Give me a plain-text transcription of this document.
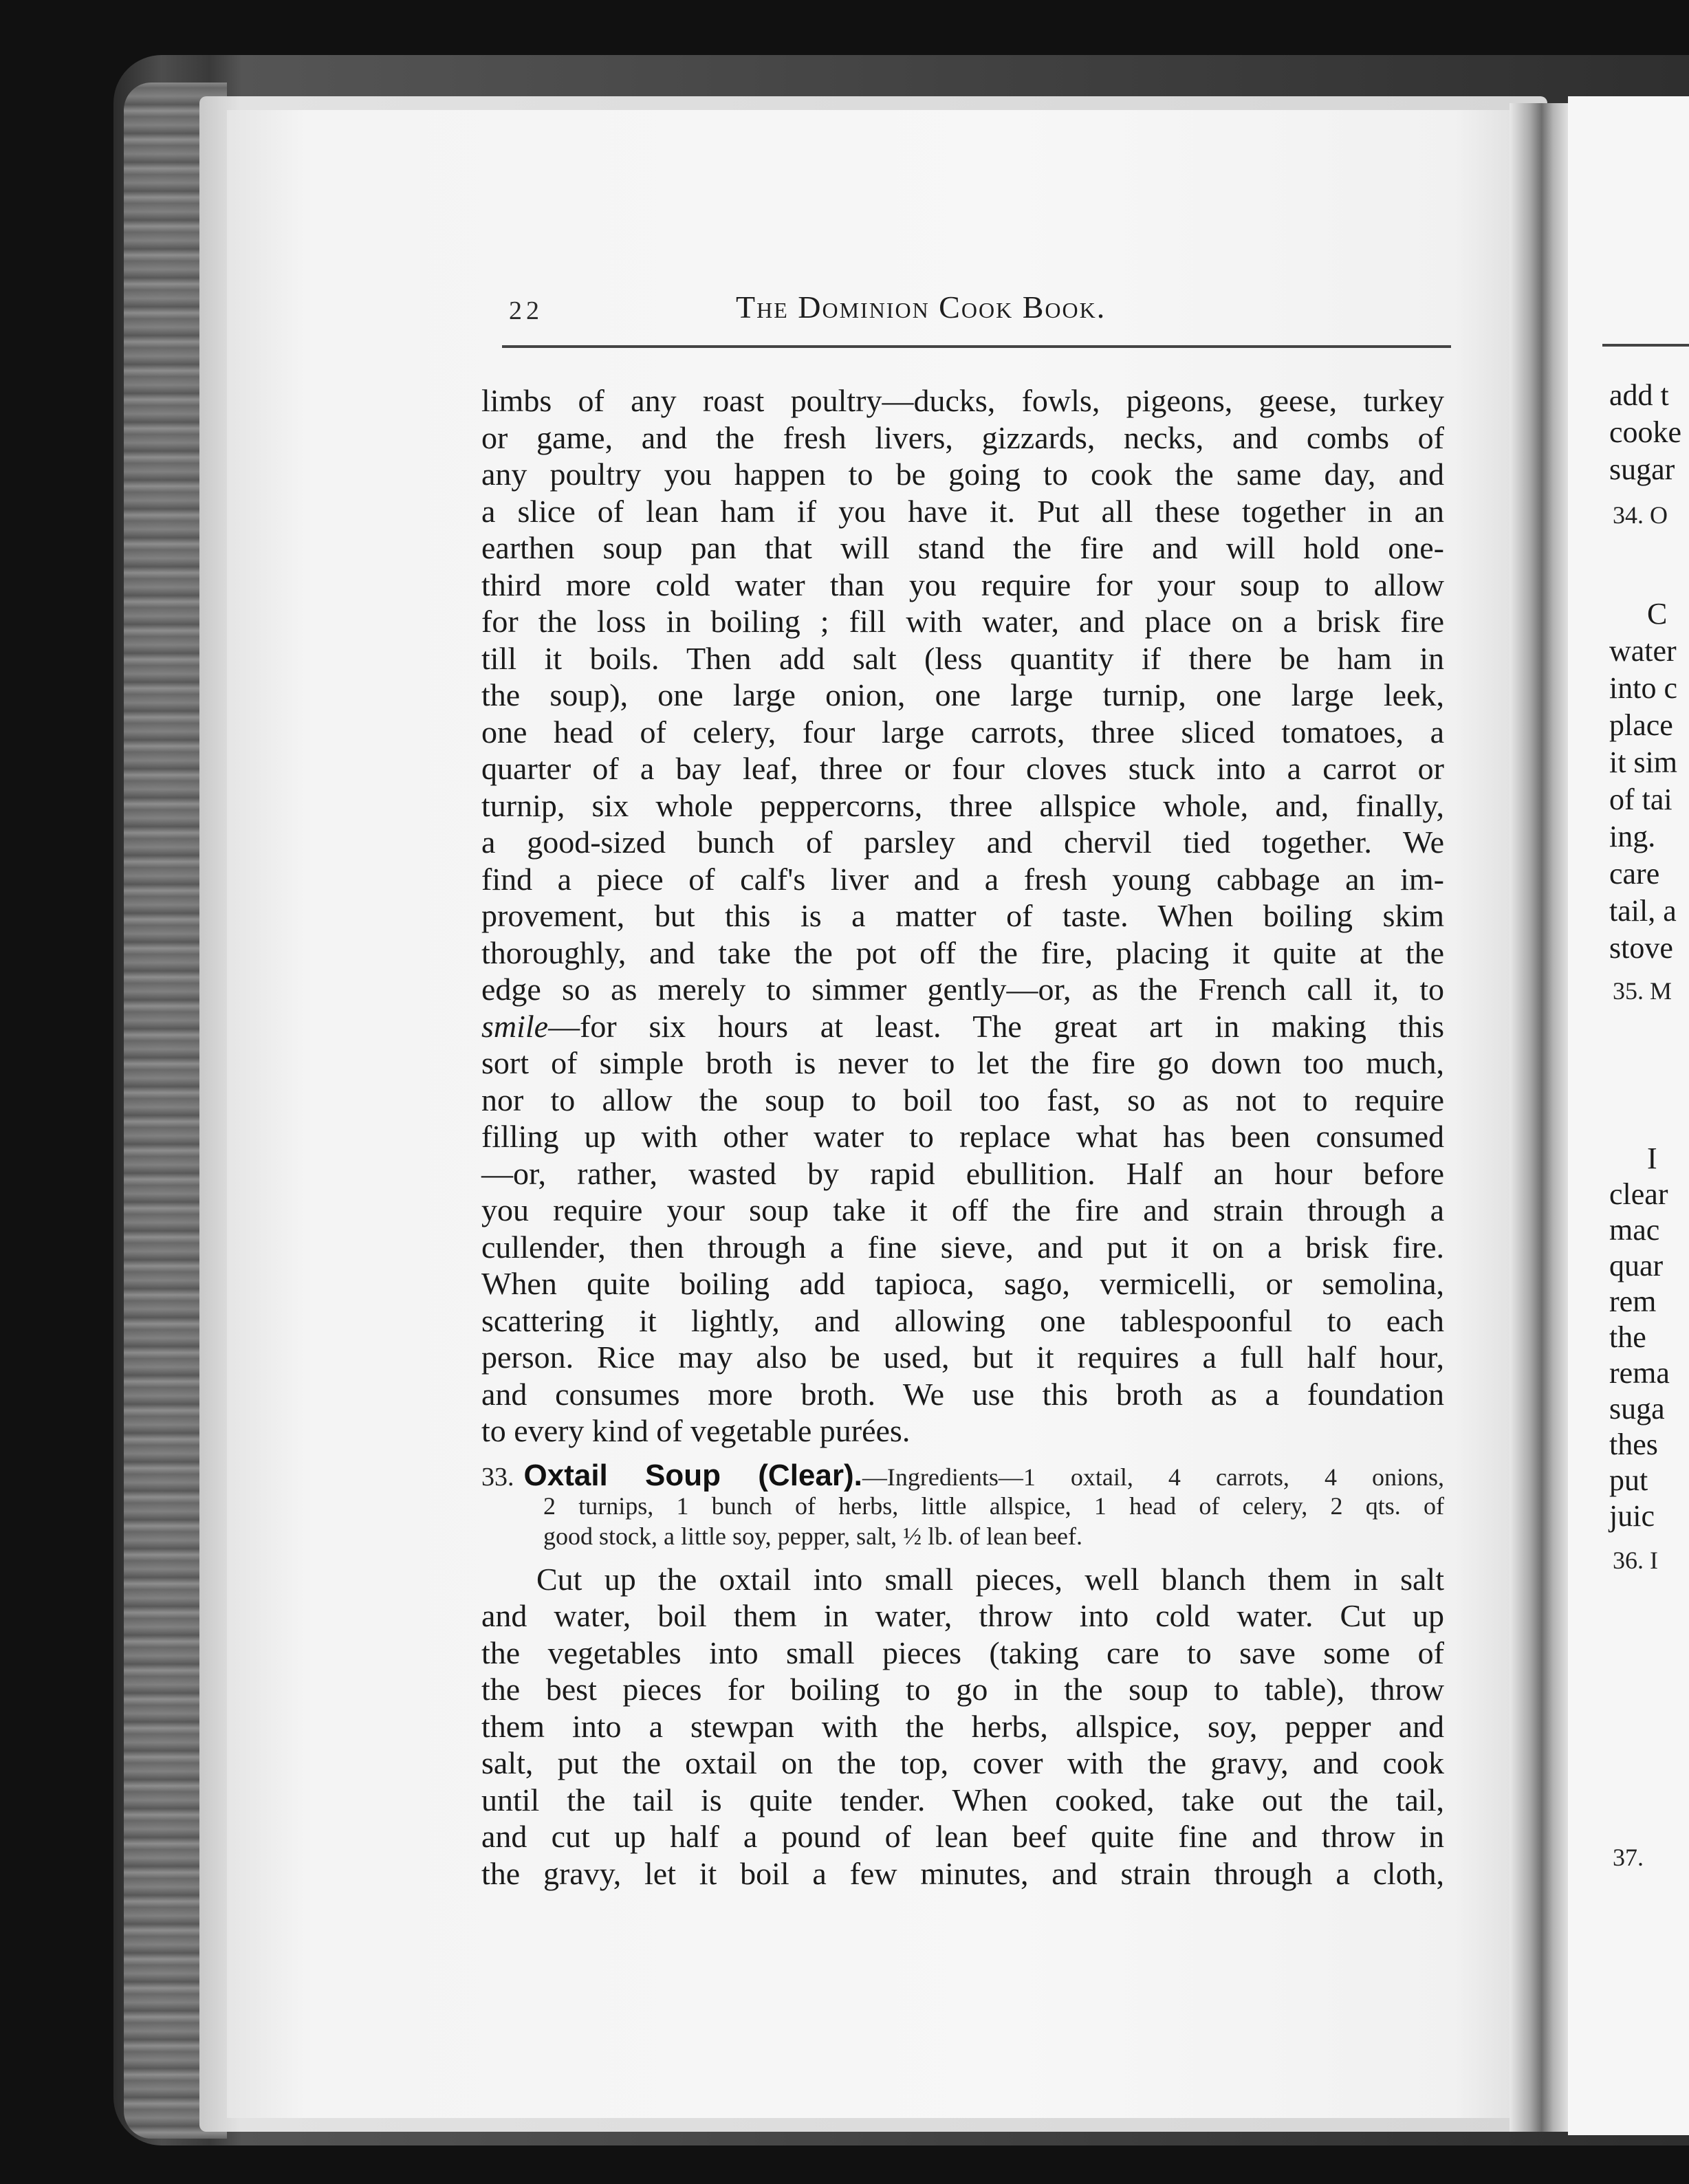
22	The Dominion Cook Book.
limbs of any roast poultry—ducks, fowls, pigeons, geese, turkey
or game, and the fresh livers, gizzards, necks, and combs of
any poultry you happen to be going to cook the same day, and
a slice of lean ham if you have it. Put all these together in an
earthen soup pan that will stand the fire and will hold one-
third more cold water than you require for your soup to allow
for the loss in boiling ; fill with water, and place on a brisk fire
till it boils. Then add salt (less quantity if there be ham in
the soup), one large onion, one large turnip, one large leek,
one head of celery, four large carrots, three sliced tomatoes, a
quarter of a bay leaf, three or four cloves stuck into a carrot or
turnip, six whole peppercorns, three allspice whole, and, finally,
a good-sized bunch of parsley and chervil tied together. We
find a piece of calf's liver and a fresh young cabbage an im-
provement, but this is a matter of taste. When boiling skim
thoroughly, and take the pot off the fire, placing it quite at the
edge so as merely to simmer gently—or, as the French call it, to
smile—for six hours at least. The great art in making this
sort of simple broth is never to let the fire go down too much,
nor to allow the soup to boil too fast, so as not to require
filling up with other water to replace what has been consumed
—or, rather, wasted by rapid ebullition. Half an hour before
you require your soup take it off the fire and strain through a
cullender, then through a fine sieve, and put it on a brisk fire.
When quite boiling add tapioca, sago, vermicelli, or semolina,
scattering it lightly, and allowing one tablespoonful to each
person. Rice may also be used, but it requires a full half hour,
and consumes more broth. We use this broth as a foundation
to every kind of vegetable purées.
33. Oxtail Soup (Clear).—Ingredients—1 oxtail, 4 carrots, 4 onions,
2 turnips, 1 bunch of herbs, little allspice, 1 head of celery, 2 qts. of
good stock, a little soy, pepper, salt, ½ lb. of lean beef.
Cut up the oxtail into small pieces, well blanch them in salt
and water, boil them in water, throw into cold water. Cut up
the vegetables into small pieces (taking care to save some of
the best pieces for boiling to go in the soup to table), throw
them into a stewpan with the herbs, allspice, soy, pepper and
salt, put the oxtail on the top, cover with the gravy, and cook
until the tail is quite tender. When cooked, take out the tail,
and cut up half a pound of lean beef quite fine and throw in
the gravy, let it boil a few minutes, and strain through a cloth,
add t
cooke
sugar
34. O
C
water
into c
place
it sim
of tai
ing.
care
tail, a
stove
35. M
I
clear
mac
quar
rem
the
rema
suga
thes
put
juic
36. I
37.
